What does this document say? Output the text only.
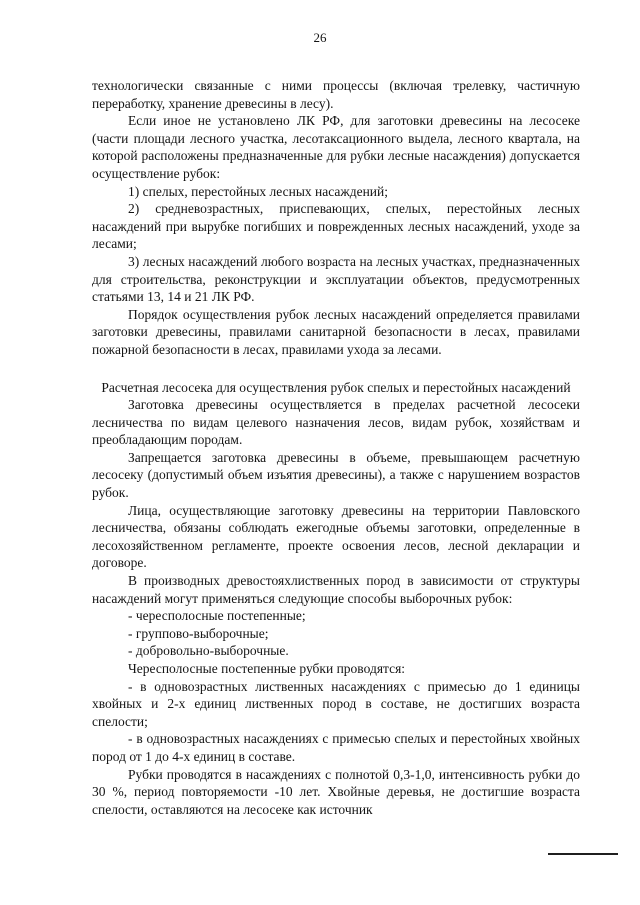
26

технологически связанные с ними процессы (включая трелевку, частичную переработку, хранение древесины в лесу).

Если иное не установлено ЛК РФ, для заготовки древесины на лесосеке (части площади лесного участка, лесотаксационного выдела, лесного квартала, на которой расположены предназначенные для рубки лесные насаждения) допускается осуществление рубок:

1) спелых, перестойных лесных насаждений;

2) средневозрастных, приспевающих, спелых, перестойных лесных насаждений при вырубке погибших и поврежденных лесных насаждений, уходе за лесами;

3) лесных насаждений любого возраста на лесных участках, предназначенных для строительства, реконструкции и эксплуатации объектов, предусмотренных статьями 13, 14 и 21 ЛК РФ.

Порядок осуществления рубок лесных насаждений определяется правилами заготовки древесины, правилами санитарной безопасности в лесах, правилами пожарной безопасности в лесах, правилами ухода за лесами.

Расчетная лесосека для осуществления рубок спелых и перестойных насаждений

Заготовка древесины осуществляется в пределах расчетной лесосеки лесничества по видам целевого назначения лесов, видам рубок, хозяйствам и преобладающим породам.

Запрещается заготовка древесины в объеме, превышающем расчетную лесосеку (допустимый объем изъятия древесины), а также с нарушением возрастов рубок.

Лица, осуществляющие заготовку древесины на территории Павловского лесничества, обязаны соблюдать ежегодные объемы заготовки, определенные в лесохозяйственном регламенте, проекте освоения лесов, лесной декларации и договоре.

В производных древостояхлиственных пород в зависимости от структуры насаждений могут применяться следующие способы выборочных рубок:

- чересполосные постепенные;

- группово-выборочные;

- добровольно-выборочные.

Чересполосные постепенные рубки проводятся:

- в одновозрастных лиственных насаждениях с примесью до 1 единицы хвойных и 2-х единиц лиственных пород в составе, не достигших возраста спелости;

- в одновозрастных насаждениях с примесью спелых и перестойных хвойных пород от 1 до 4-х единиц в составе.

Рубки проводятся в насаждениях с полнотой 0,3-1,0, интенсивность рубки до 30 %, период повторяемости -10 лет. Хвойные деревья, не достигшие возраста спелости, оставляются на лесосеке как источник
